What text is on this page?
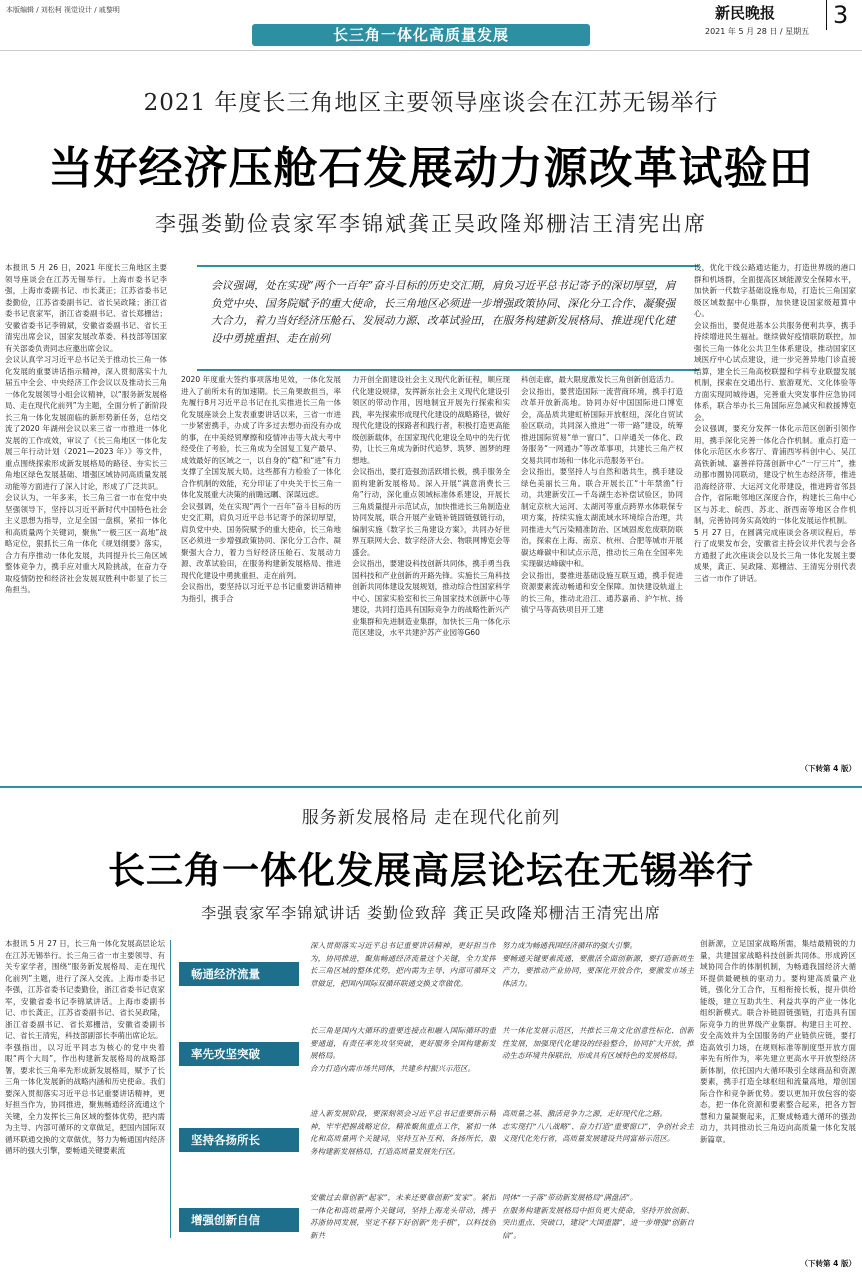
本版编辑 / 刘松柯 视觉设计 / 戚黎明
长三角一体化高质量发展
新民晚报 3
2021 年 5 月 28 日 / 星期五
2021 年度长三角地区主要领导座谈会在江苏无锡举行
当好经济压舱石发展动力源改革试验田
李强娄勤俭袁家军李锦斌龚正吴政隆郑栅洁王清宪出席
本报讯 5 月 26 日，2021 年度长三角地区主要领导座谈会在江苏无锡举行。上海市委书记李强，上海市委副书记、市长龚正；江苏省委书记娄勤俭，江苏省委副书记、省长吴政隆；浙江省委书记袁家军，浙江省委副书记、省长郑栅洁；安徽省委书记李锦斌，安徽省委副书记、省长王清宪出席会议，国家发展改革委、科技部等国家有关部委负责同志应邀出席会议。
会议认真学习习近平总书记关于推动长三角一体化发展的重要讲话指示精神，深入贯彻落实十九届五中全会、中央经济工作会议以及推动长三角一体化发展领导小组会议精神，以“服务新发展格局、走在现代化前列”为主题，全面分析了新阶段长三角一体化发展面临的新形势新任务，总结交流了2020 年湖州会议以来三省一市推进一体化发展的工作成效，审议了《长三角地区一体化发展三年行动计划（2021—2023 年）》等文件，重点围绕探索形成新发展格局的路径、夯实长三角地区绿色发展基础、增强区域协同高质量发展动能等方面进行了深入讨论，形成了广泛共识。
会议认为，一年多来，长三角三省一市在党中央坚强领导下，坚持以习近平新时代中国特色社会主义思想为指导，立足全国一盘棋，紧扣一体化和高质量两个关键词，聚焦“一极三区一高地”战略定位，狠抓长三角一体化《规划纲要》落实，合力有序推动一体化发展，共同提升长三角区域整体竞争力，携手应对重大风险挑战，在奋力夺取疫情防控和经济社会发展双胜利中彰显了长三角担当。
会议强调，处在实现“两个一百年”奋斗目标的历史交汇期，肩负习近平总书记寄予的深切厚望，肩负党中央、国务院赋予的重大使命，长三角地区必须进一步增强政策协同、深化分工合作、凝聚强大合力，着力当好经济压舱石、发展动力源、改革试验田，在服务构建新发展格局、推进现代化建设中勇挑重担、走在前列
2020 年度重大签约事项落地见效，一体化发展进入了前所未有的加速期。长三角果敢担当，率先履行8月习近平总书记在扎实推进长三角一体化发展座谈会上发表重要讲话以来，三省一市进一步紧密携手，办成了许多过去想办而没有办成的事，在中美经贸摩擦和疫情冲击等大战大考中经受住了考验，长三角成为全国复工复产最早、成效最好的区域之一，以自身的“稳”和“进”有力支撑了全国发展大局。这些都有力检验了一体化合作机制的效能，充分印证了中央关于长三角一体化发展重大决策的前瞻远瞩、深谋远虑。
会议强调，处在实现“两个一百年”奋斗目标的历史交汇期，肩负习近平总书记寄予的深切厚望，肩负党中央、国务院赋予的重大使命，长三角地区必须进一步增强政策协同、深化分工合作、凝聚强大合力，着力当好经济压舱石、发展动力源、改革试验田，在服务构建新发展格局、推进现代化建设中勇挑重担、走在前列。
会议指出，要坚持以习近平总书记重要讲话精神为指引，携手合
力开创全面建设社会主义现代化新征程，顺应现代化建设规律，发挥新东社会主义现代化建设引领区的带动作用，因地制宜开展先行探索和实践，率先探索形成现代化建设的战略路径，做好现代化建设的探路者和践行者，积极打造更高能级创新载体，在国家现代化建设全局中的先行优势，让长三角成为新时代追梦、筑梦、圆梦的理想地。
会议指出，要打造强劲活跃增长极，携手服务全面构建新发展格局。深入开展“满意消费长三角”行动，深化重点领域标准体系建设，开展长三角质量提升示范试点，加快推进长三角制造业协同发展，联合开展产业链补链固链强链行动，编制实施《数字长三角建设方案》，共同办好世界互联网大会、数字经济大会、物联网博览会等盛会。
会议指出，要建设科技创新共同体，携手勇当我国科技和产业创新的开路先锋。实施长三角科技创新共同体建设发展规划，推动综合性国家科学中心、国家实验室和长三角国家技术创新中心等建设，共同打造具有国际竞争力的战略性新兴产业集群和先进制造业集群，加快长三角一体化示范区建设，水平共建沪苏产业园等G60
科创走廊，最大限度激发长三角创新创造活力。
会议指出，要营造国际一流营商环境，携手打造改革开放新高地。协同办好中国国际进口博览会，高品质共建虹桥国际开放枢纽，深化自贸试验区联动，共同深入推进“一带一路”建设，统筹推进国际贸易“单一窗口”、口岸通关一体化、政务服务“一网通办”等改革事项，共建长三角产权交易共同市场和一体化示范服务平台。
会议指出，要坚持人与自然和谐共生，携手建设绿色美丽长三角。联合开展长江“十年禁渔”行动，共建新安江—千岛湖生态补偿试验区，协同制定京杭大运河、太湖河等重点跨界水体联保专项方案，持续实施太湖流域水环境综合治理，共同推进大气污染精准防治、区域固废危废联防联治，探索在上海、南京、杭州、合肥等城市开展碳达峰碳中和试点示范，推动长三角在全国率先实现碳达峰碳中和。
会议指出，要推进基础设施互联互通，携手促进资源要素流动畅通和安全保障。加快建设轨道上的长三角，推动北沿江、通苏嘉甬、沪乍杭、扬镇宁马等高铁项目开工建
设，优化干线公路通达能力，打造世界级的港口群和机场群，全面提高区域能源安全保障水平，加快新一代数字基础设施布局，打造长三角国家级区域数据中心集群，加快建设国家级超算中心。
会议指出，要促进基本公共服务便利共享，携手持续增进民生福祉。继续做好疫情联防联控，加强长三角一体化公共卫生体系建设，推动国家区域医疗中心试点建设，进一步完善异地门诊直接结算，建全长三角高校联盟和学科专业联盟发展机制，探索在交通出行、旅游观光、文化体验等方面实现同城待遇，完善重大突发事件应急协同体系，联合举办长三角国际应急减灾和救援博览会。
会议强调，要充分发挥一体化示范区创新引领作用，携手深化完善一体化合作机制。重点打造一体化示范区水乡客厅、青浦西岑科创中心、吴江高铁新城、嘉善祥符荡创新中心“一厅三片”，推动都市圈协同联动，建设宁杭生态经济带，推进沿海经济带、大运河文化带建设，推进跨省邻县合作，省际毗邻地区深度合作，构建长三角中心区与苏北、皖西、苏北、浙西南等地区合作机制，完善协同务实高效的一体化发展运作机制。
5 月 27 日，在圆满完成座谈会各项议程后，举行了成果发布会，安徽省主持会议并代表与会各方通报了此次座谈会以及长三角一体化发展主要成果，龚正、吴政隆、郑栅洁、王清宪分别代表三省一市作了讲话。
（下转第 4 版）
服务新发展格局 走在现代化前列
长三角一体化发展高层论坛在无锡举行
李强袁家军李锦斌讲话 娄勤俭致辞 龚正吴政隆郑栅洁王清宪出席
本报讯 5 月 27 日，长三角一体化发展高层论坛在江苏无锡举行。长三角三省一市主要领导、有关专家学者，围绕“服务新发展格局、走在现代化前列”主题，进行了深入交流。上海市委书记李强，江苏省委书记娄勤俭，浙江省委书记袁家军，安徽省委书记李锦斌讲话。上海市委副书记、市长龚正，江苏省委副书记、省长吴政隆，浙江省委副书记、省长郑栅洁，安徽省委副书记、省长王清宪，科技部副部长李萌出席论坛。
李强指出，以习近平同志为核心的党中央着眼“两个大局”，作出构建新发展格局的战略部署，要求长三角率先形成新发展格局，赋予了长三角一体化发展新的战略内涵和历史使命。我们要深入贯彻落实习近平总书记重要讲话精神，更好担当作为，协同推进，聚焦畅通经济流通这个关键，全力发挥长三角区域的整体优势，把内需为主导、内部可循环的文章做足，把国内国际双循环联通交换的文章做优，努力为畅通国内经济循环的强大引擎，要畅通关键要素流
畅通经济流量
率先攻坚突破
坚持各扬所长
增强创新自信
深入贯彻落实习近平总书记重要讲话精神，更好担当作为，协同推进，聚焦畅通经济流量这个关键，全力发挥长三角区域的整体优势，把内需为主导、内部可循环文章做足，把国内国际双循环联通交换文章做优。
长三角是国内大循环的重要连接点和融入国际循环的重要通道，有责任率先攻坚突破，更好服务全国构建新发展格局。
合力打造内需市场共同体，共建乡村振兴示范区。
进入新发展阶段，要深刻领会习近平总书记重要指示精神，牢牢把握战略定位，精准聚焦重点工作，紧扣一体化和高质量两个关键词，坚持互补互利、各扬所长，服务构建新发展格局，打造高质量发展先行区。
安徽过去靠创新“起家”，未来还要靠创新“发家”。紧扣一体化和高质量两个关键词，坚持上海龙头带动，携手苏浙协同发展，坚定不移下好创新“先手棋”，以科技创新共
努力成为畅通我国经济循环的强大引擎。
要畅通关键要素流通，要激活全面创新源，要打造新质生产力，要推动产业协同，要深化开放合作，要激发市场主体活力。
共一体化发展示范区，共推长三角文化创意性标化、创新性发展，加强现代化建设的经验整合，协同扩大开放，推动生态环境共保联治，形成具有区域特色的发展格局。
高质量之基、激活竞争力之源，走好现代化之路。
志实现打“八八战略”、奋力打造“重要窗口”，争创社会主义现代化先行省，高质量发展建设共同富裕示范区。
同体“一子落”带动新发展格局“满盘活”。
在服务构建新发展格局中担负更大使命，坚持开放创新、突出重点、突破口，建设“大国重器”，进一步增强“创新自信”。
创新源，立足国家战略所需，集结最精锐的力量，共建国家战略科技创新共同体。形成跨区域协同合作的体制机制，为畅通我国经济大循环提供最硬核的驱动力。要构建高质量产业链，强化分工合作，互相衔接长板，提升供给能级，建立互助共生、利益共享的产业一体化组织新模式。联合补链固链强链，打造具有国际竞争力的世界级产业集群。构建日主可控、安全高效并为全国服务的产业链供应链，要打造高效引力场，在规则标准等制度型开放方面率先有所作为，率先建立更高水平开放型经济新体制，依托国内大循环吸引全球商品和资源要素，携手打造全球枢纽和流量高地，增创国际合作和竞争新优势。要以更加开放包容的姿态，把一体化资源和要素整合起来，把各方智慧和力量凝聚起来，汇聚成畅通大循环的强劲动力，共同推动长三角迈向高质量一体化发展新篇章。
（下转第 4 版）
